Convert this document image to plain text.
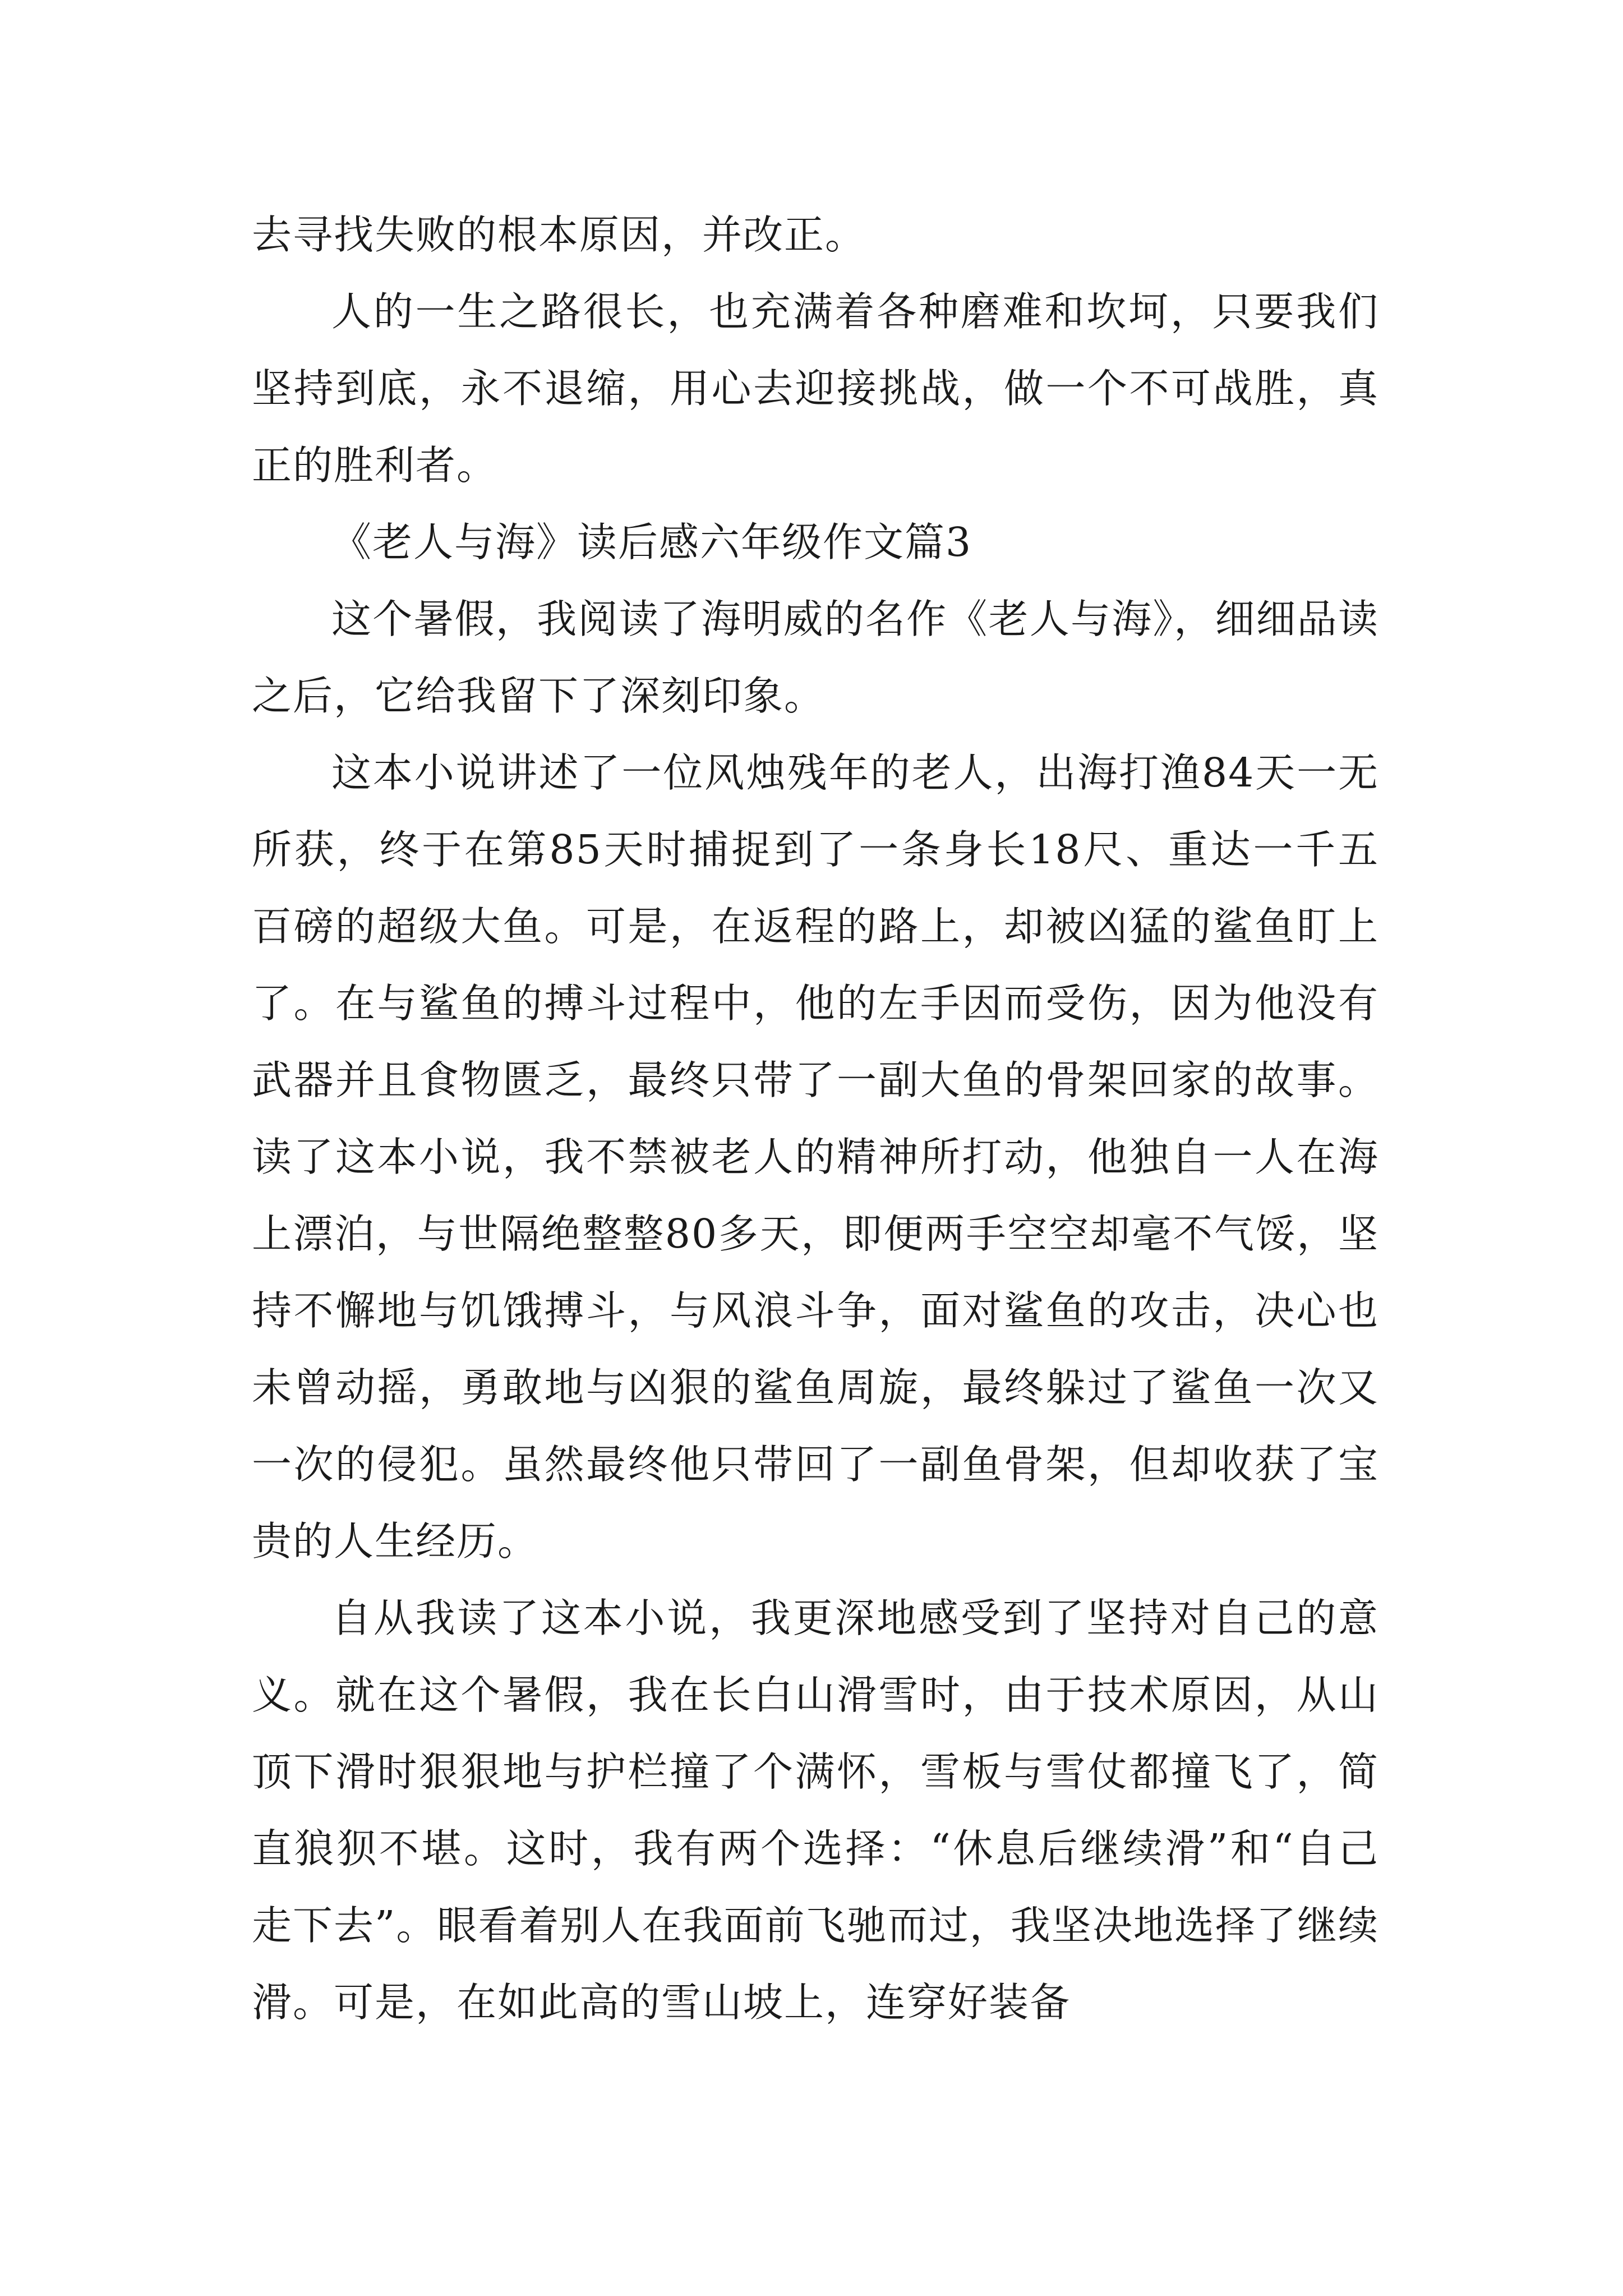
去寻找失败的根本原因，并改正。

人的一生之路很长，也充满着各种磨难和坎坷，只要我们坚持到底，永不退缩，用心去迎接挑战，做一个不可战胜，真正的胜利者。

《老人与海》读后感六年级作文篇3

这个暑假，我阅读了海明威的名作《老人与海》，细细品读之后，它给我留下了深刻印象。

这本小说讲述了一位风烛残年的老人，出海打渔84天一无所获，终于在第85天时捕捉到了一条身长18尺、重达一千五百磅的超级大鱼。可是，在返程的路上，却被凶猛的鲨鱼盯上了。在与鲨鱼的搏斗过程中，他的左手因而受伤，因为他没有武器并且食物匮乏，最终只带了一副大鱼的骨架回家的故事。读了这本小说，我不禁被老人的精神所打动，他独自一人在海上漂泊，与世隔绝整整80多天，即便两手空空却毫不气馁，坚持不懈地与饥饿搏斗，与风浪斗争，面对鲨鱼的攻击，决心也未曾动摇，勇敢地与凶狠的鲨鱼周旋，最终躲过了鲨鱼一次又一次的侵犯。虽然最终他只带回了一副鱼骨架，但却收获了宝贵的人生经历。

自从我读了这本小说，我更深地感受到了坚持对自己的意义。就在这个暑假，我在长白山滑雪时，由于技术原因，从山顶下滑时狠狠地与护栏撞了个满怀，雪板与雪仗都撞飞了，简直狼狈不堪。这时，我有两个选择：“休息后继续滑”和“自己走下去”。眼看着别人在我面前飞驰而过，我坚决地选择了继续滑。可是，在如此高的雪山坡上，连穿好装备
